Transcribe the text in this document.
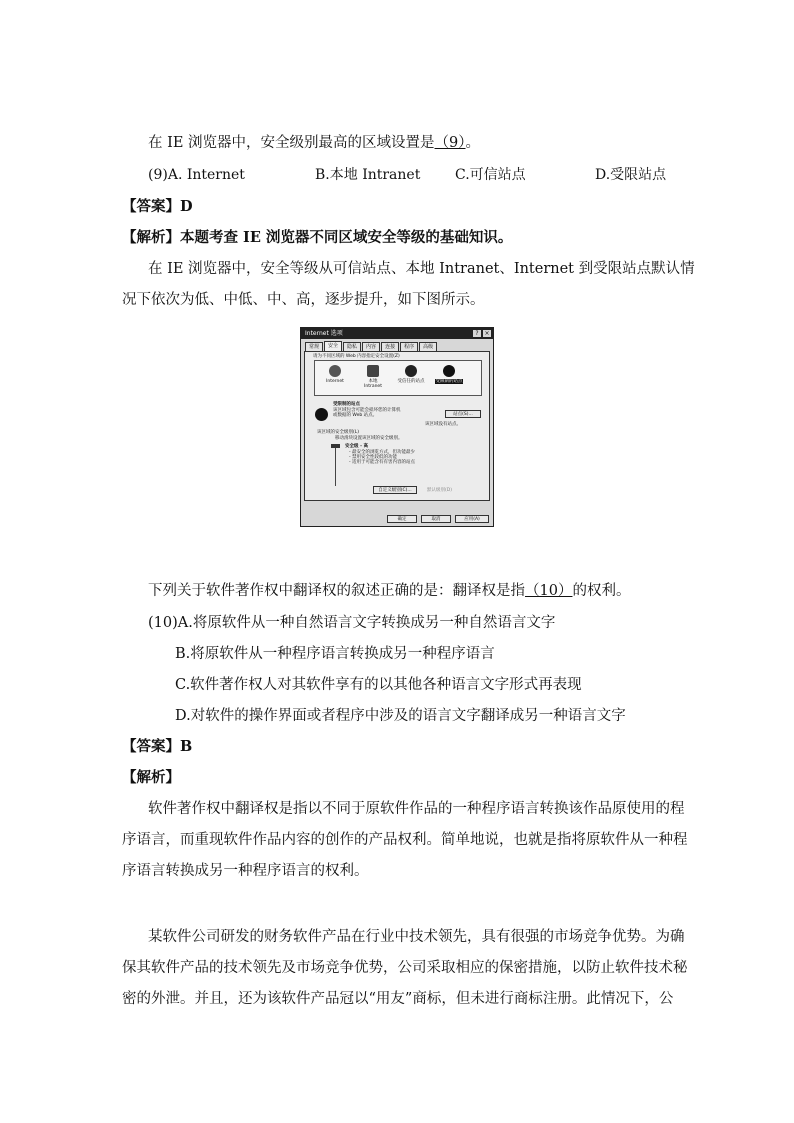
在 IE 浏览器中，安全级别最高的区域设置是（9）。
(9)A. Internet	B.本地 Intranet C.可信站点	D.受限站点
【答案】D
【解析】本题考查 IE 浏览器不同区域安全等级的基础知识。
在 IE 浏览器中，安全等级从可信站点、本地 Intranet、Internet 到受限站点默认情
况下依次为低、中低、中、高，逐步提升，如下图所示。
Internet 选项	? ×
常规	安全	隐私	内容	连接	程序	高级
请为不同区域的 Web 内容指定安全设置(Z)
Internet	本地 Intranet
受信任的站点 受限制的站点
受限制的站点
该区域包含可能会损坏您的计算机
或数据的 Web 站点。	站点(S)...
该区域没有站点。
该区域的安全级别(L)
移动滑块设置该区域的安全级别。
安全级 - 高
- 最安全的浏览方式，但功能最少
- 禁用安全性较低的功能
- 适用于可能含有有害内容的站点
自定义级别(C)...	默认级别(D)
确定	取消	应用(A)
下列关于软件著作权中翻译权的叙述正确的是：翻译权是指（10）的权利。
(10)A.将原软件从一种自然语言文字转换成另一种自然语言文字
B.将原软件从一种程序语言转换成另一种程序语言
C.软件著作权人对其软件享有的以其他各种语言文字形式再表现
D.对软件的操作界面或者程序中涉及的语言文字翻译成另一种语言文字
【答案】B
【解析】
软件著作权中翻译权是指以不同于原软件作品的一种程序语言转换该作品原使用的程
序语言，而重现软件作品内容的创作的产品权利。简单地说，也就是指将原软件从一种程
序语言转换成另一种程序语言的权利。
某软件公司研发的财务软件产品在行业中技术领先，具有很强的市场竞争优势。为确
保其软件产品的技术领先及市场竞争优势，公司采取相应的保密措施，以防止软件技术秘
密的外泄。并且，还为该软件产品冠以“用友”商标，但未进行商标注册。此情况下，公
